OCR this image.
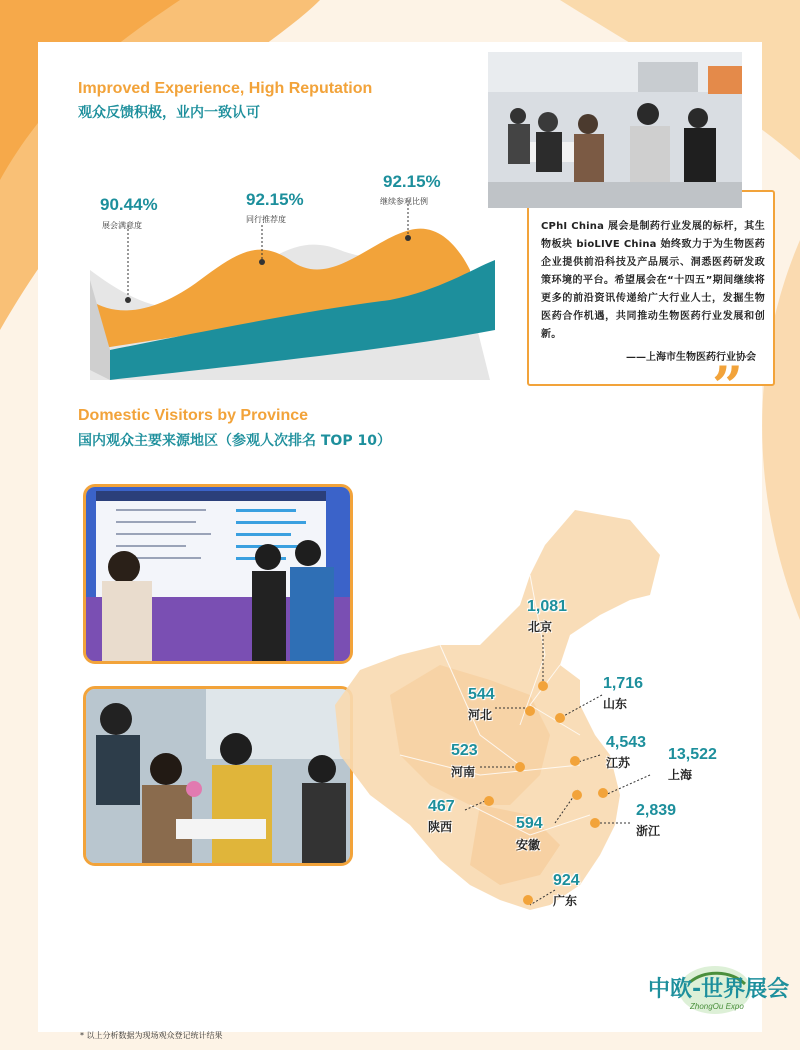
Improved Experience, High Reputation
观众反馈积极，业内一致认可
90.44%
展会满意度
92.15%
同行推荐度
92.15%
继续参观比例
CPhI China 展会是制药行业发展的标杆，其生物板块 bioLIVE China 始终致力于为生物医药企业提供前沿科技及产品展示、洞悉医药研发政策环境的平台。希望展会在“十四五”期间继续将更多的前沿资讯传递给广大行业人士，发掘生物医药合作机遇，共同推动生物医药行业发展和创新。
——上海市生物医药行业协会
”
Domestic Visitors by Province
国内观众主要来源地区（参观人次排名 TOP 10）
1,081
北京
1,716
山东
544
河北
4,543
江苏 13,522
上海
523
河南
467
陕西
2,839
浙江
594
安徽
924
广东
中欧-世界展会
ZhongOu Expo
* 以上分析数据为现场观众登记统计结果
